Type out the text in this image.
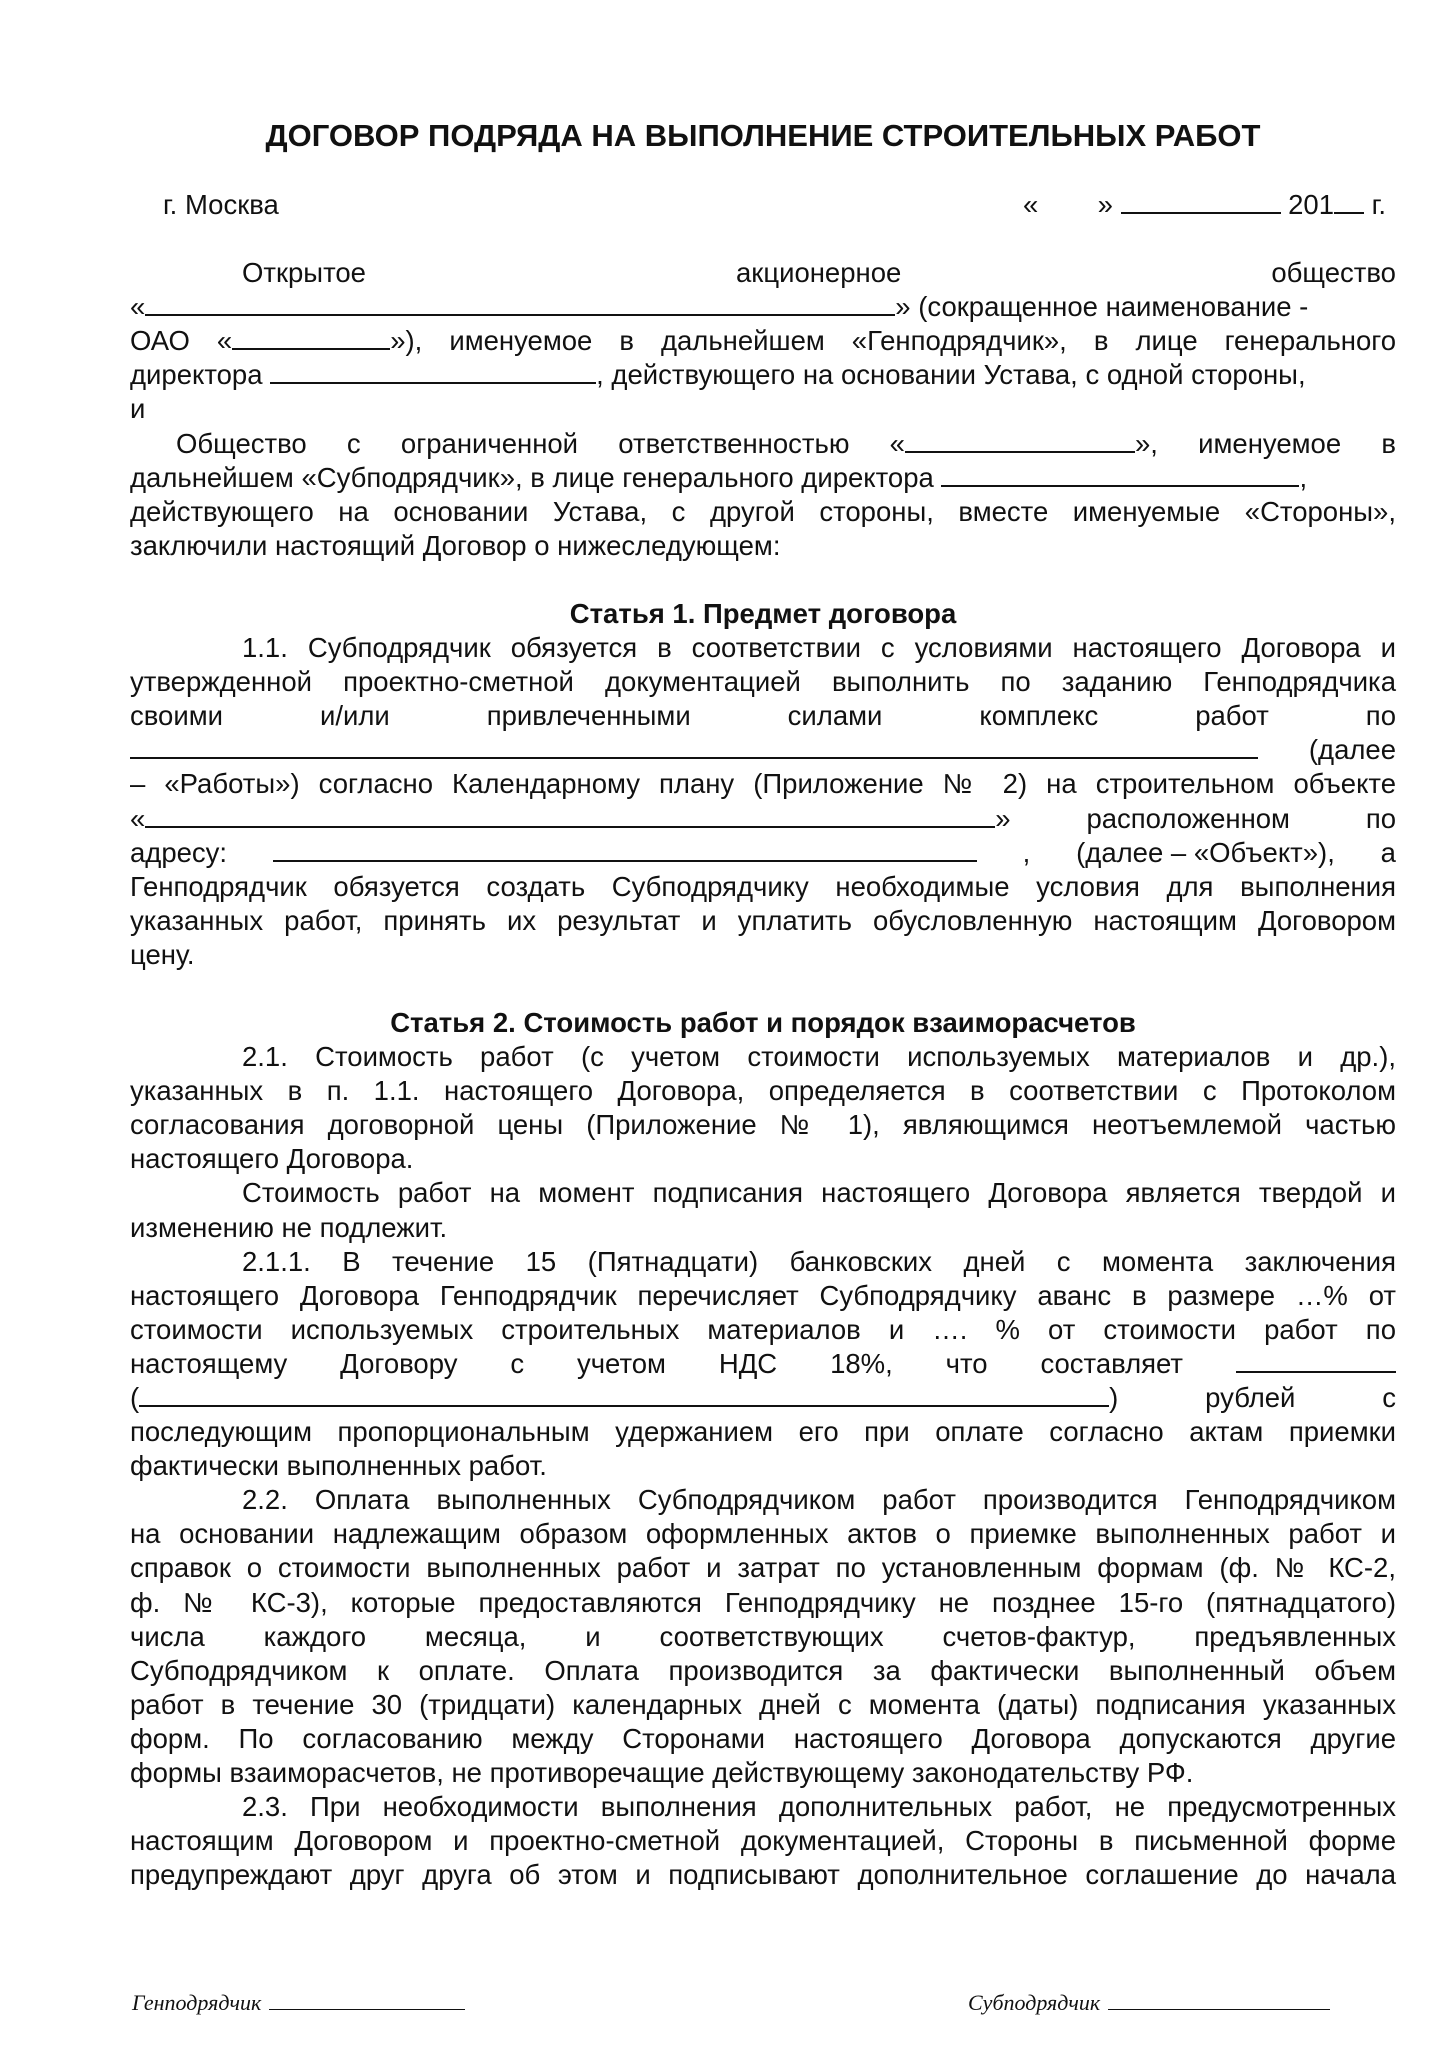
ДОГОВОР ПОДРЯДА НА ВЫПОЛНЕНИЕ СТРОИТЕЛЬНЫХ РАБОТ
г. Москва	« »	201 г.
Открытое	акционерное	общество
«	» (сокращенное наименование -
ОАО «	»), именуемое в дальнейшем «Генподрядчик», в лице генерального
директора	, действующего на основании Устава, с одной стороны,
и
Общество с ограниченной ответственностью «	», именуемое в
дальнейшем «Субподрядчик», в лице генерального директора	,
действующего на основании Устава, с другой стороны, вместе именуемые «Стороны»,
заключили настоящий Договор о нижеследующем:
Статья 1. Предмет договора
1.1. Субподрядчик обязуется в соответствии с условиями настоящего Договора и
утвержденной проектно-сметной документацией выполнить по заданию Генподрядчика
своими	и/или	привлеченными	силами	комплекс	работ	по
(далее
– «Работы») согласно Календарному плану (Приложение № 2) на строительном объекте
«	»	расположенном	по
адресу:	, (далее – «Объект»), а
Генподрядчик обязуется создать Субподрядчику необходимые условия для выполнения
указанных работ, принять их результат и уплатить обусловленную настоящим Договором
цену.
Статья 2. Стоимость работ и порядок взаиморасчетов
2.1. Стоимость работ (с учетом стоимости используемых материалов и др.),
указанных в п. 1.1. настоящего Договора, определяется в соответствии с Протоколом
согласования договорной цены (Приложение № 1), являющимся неотъемлемой частью
настоящего Договора.
Стоимость работ на момент подписания настоящего Договора является твердой и
изменению не подлежит.
2.1.1. В течение 15 (Пятнадцати) банковских дней с момента заключения
настоящего Договора Генподрядчик перечисляет Субподрядчику аванс в размере …% от
стоимости используемых строительных материалов и …. % от стоимости работ по
настоящему Договору с учетом НДС 18%, что составляет
(	)	рублей	с
последующим пропорциональным удержанием его при оплате согласно актам приемки
фактически выполненных работ.
2.2. Оплата выполненных Субподрядчиком работ производится Генподрядчиком
на основании надлежащим образом оформленных актов о приемке выполненных работ и
справок о стоимости выполненных работ и затрат по установленным формам (ф. № КС-2,
ф. № КС-3), которые предоставляются Генподрядчику не позднее 15-го (пятнадцатого)
числа каждого месяца, и соответствующих счетов-фактур, предъявленных
Субподрядчиком к оплате. Оплата производится за фактически выполненный объем
работ в течение 30 (тридцати) календарных дней с момента (даты) подписания указанных
форм. По согласованию между Сторонами настоящего Договора допускаются другие
формы взаиморасчетов, не противоречащие действующему законодательству РФ.
2.3. При необходимости выполнения дополнительных работ, не предусмотренных
настоящим Договором и проектно-сметной документацией, Стороны в письменной форме
предупреждают друг друга об этом и подписывают дополнительное соглашение до начала
Генподрядчик	Субподрядчик
